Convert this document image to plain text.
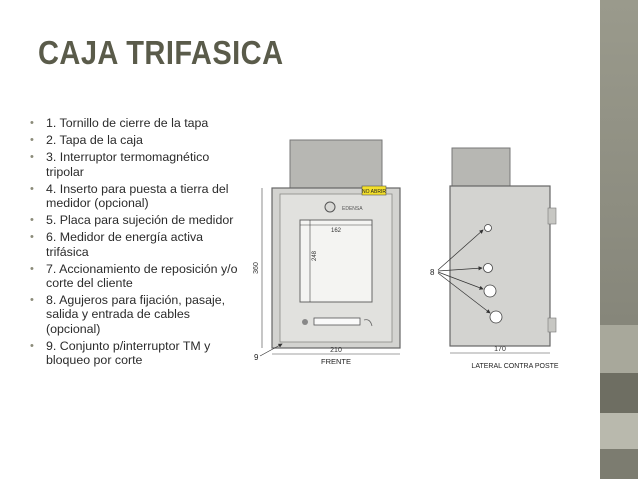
CAJA TRIFASICA
• 1. Tornillo de cierre de la tapa
• 2. Tapa de la caja
• 3. Interruptor termomagnético tripolar
• 4. Inserto para puesta a tierra del medidor (opcional)
• 5. Placa para sujeción de medidor
• 6. Medidor de energía activa trifásica
• 7. Accionamiento de reposición y/o corte del cliente
• 8. Agujeros para fijación, pasaje, salida y entrada de cables (opcional)
• 9. Conjunto p/interruptor TM y bloqueo por corte
NO ABRIR
EDENSA
162
248
360
210
FRENTE
9
8
170
LATERAL CONTRA POSTE
